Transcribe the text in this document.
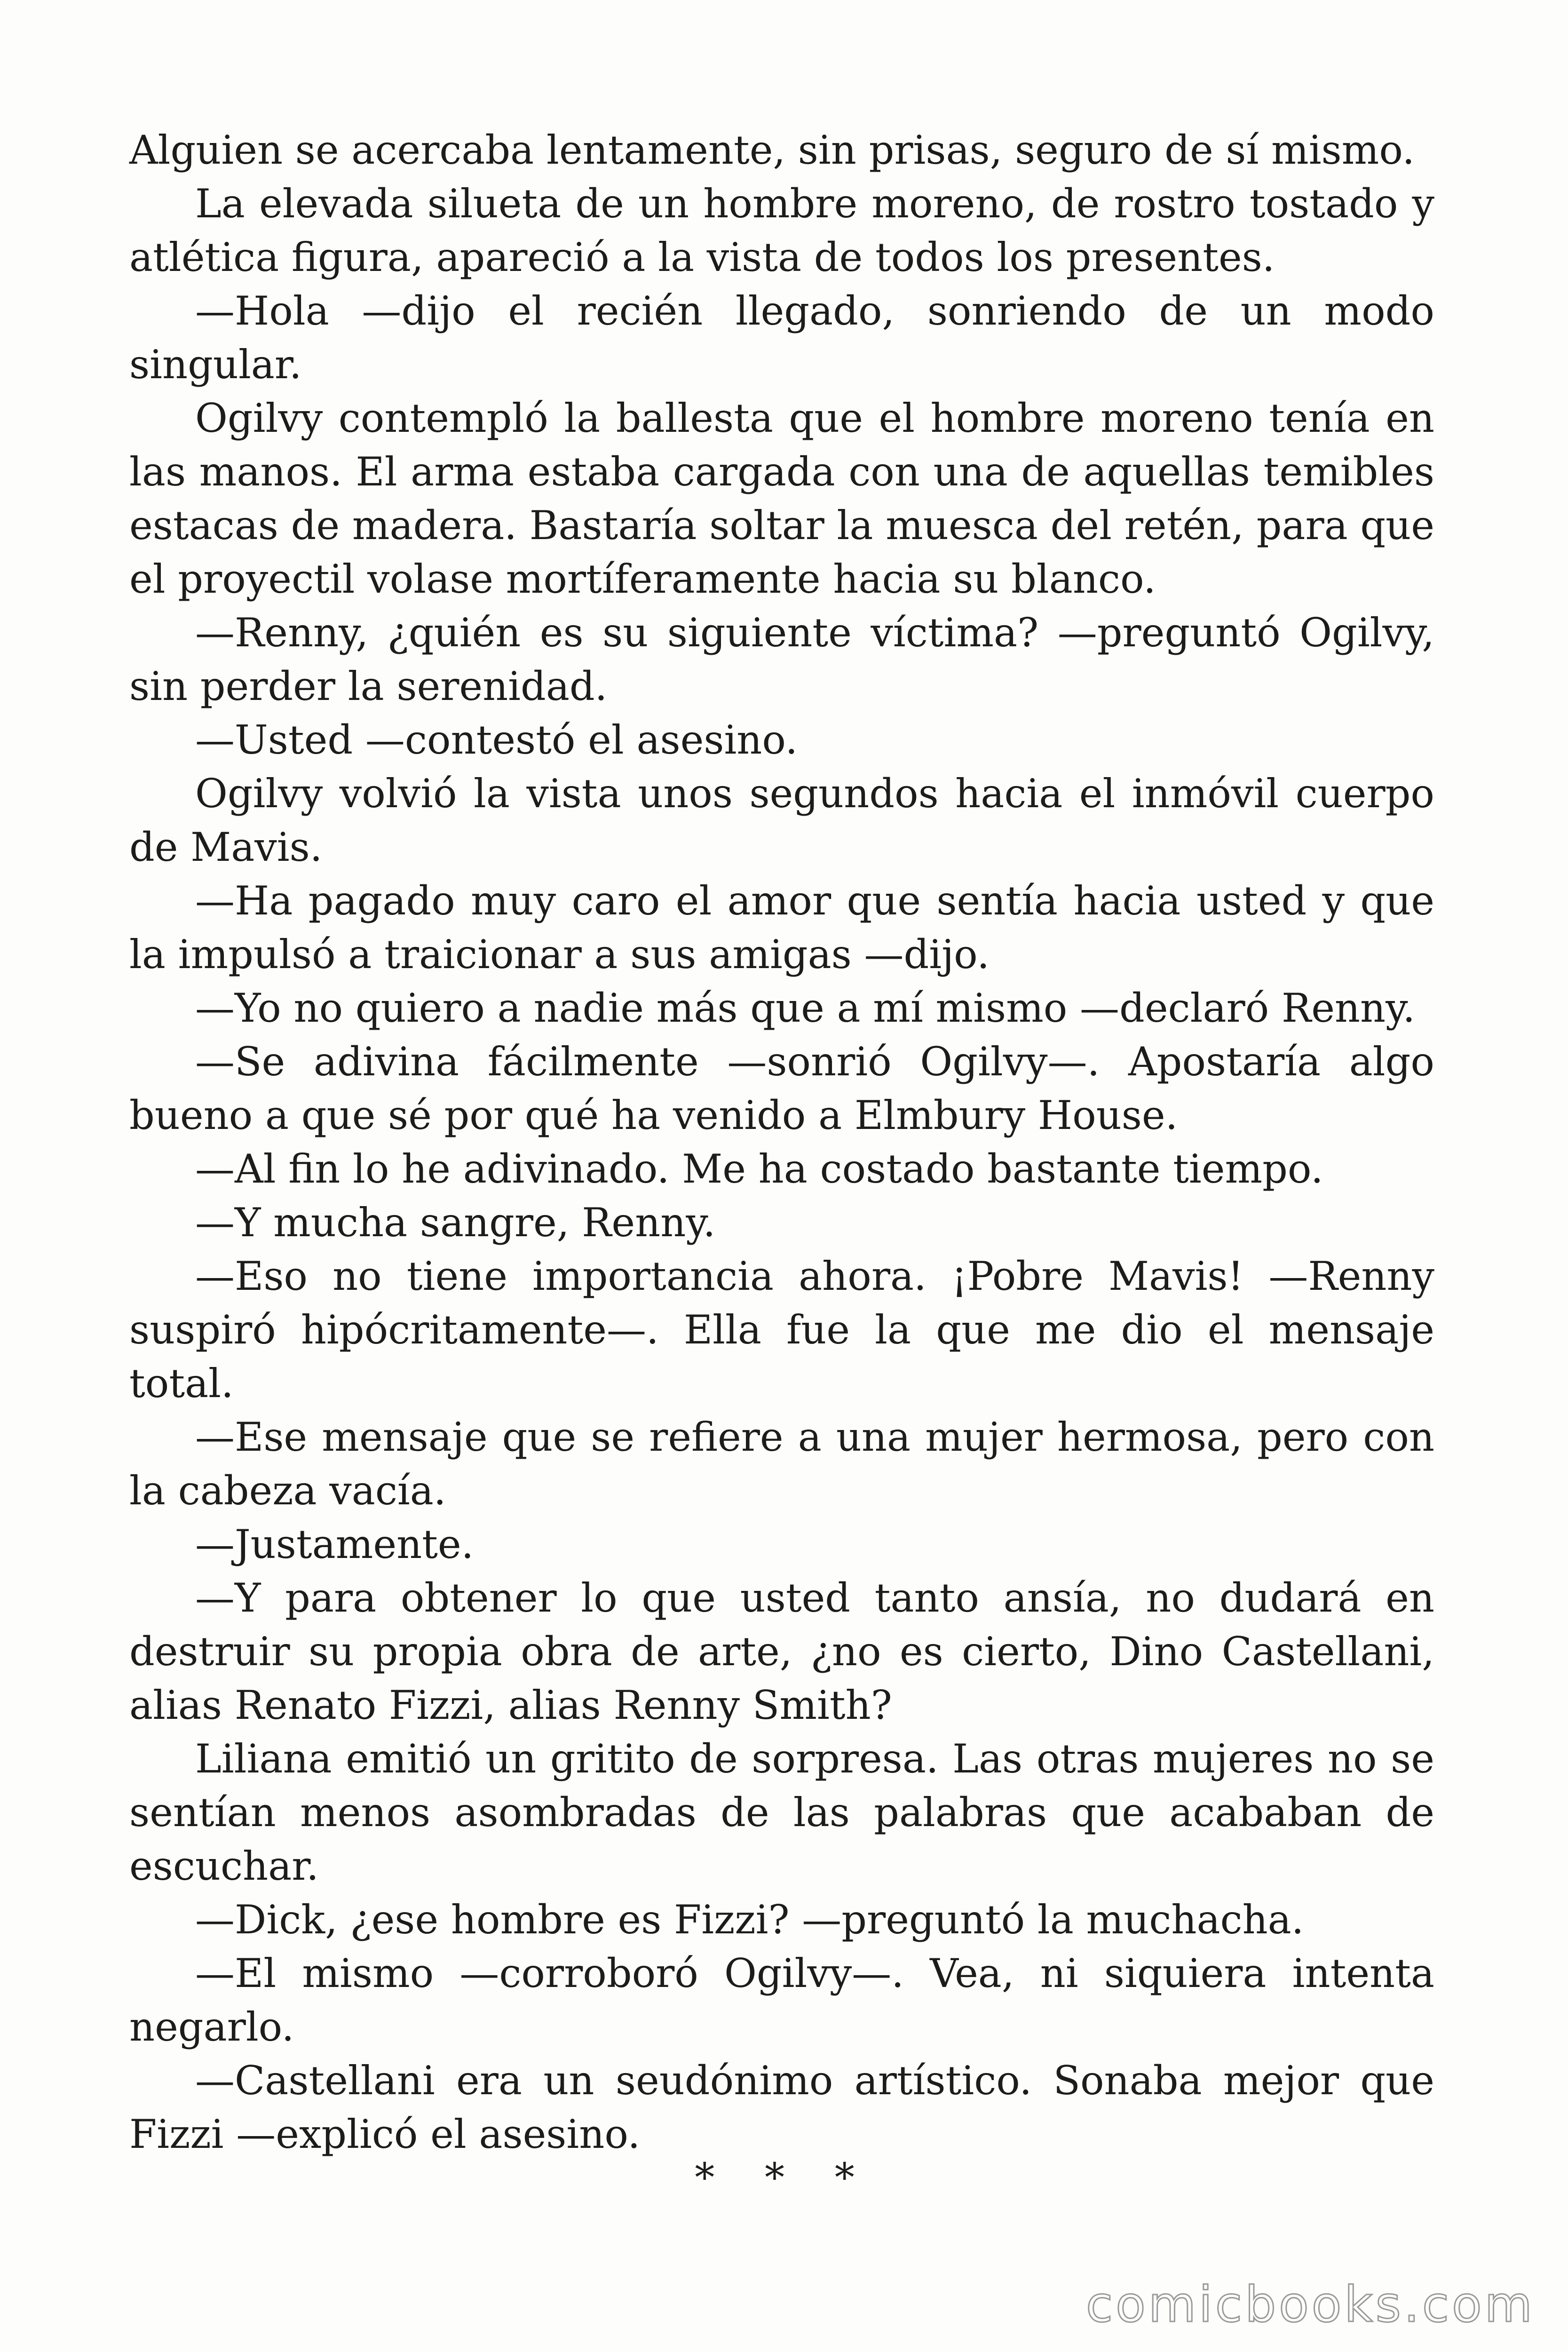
Alguien se acercaba lentamente, sin prisas, seguro de sí mismo.

La elevada silueta de un hombre moreno, de rostro tostado y atlética figura, apareció a la vista de todos los presentes.

—Hola —dijo el recién llegado, sonriendo de un modo singular.

Ogilvy contempló la ballesta que el hombre moreno tenía en las manos. El arma estaba cargada con una de aquellas temibles estacas de madera. Bastaría soltar la muesca del retén, para que el proyectil volase mortíferamente hacia su blanco.

—Renny, ¿quién es su siguiente víctima? —preguntó Ogilvy, sin perder la serenidad.

—Usted —contestó el asesino.

Ogilvy volvió la vista unos segundos hacia el inmóvil cuerpo de Mavis.

—Ha pagado muy caro el amor que sentía hacia usted y que la impulsó a traicionar a sus amigas —dijo.

—Yo no quiero a nadie más que a mí mismo —declaró Renny.

—Se adivina fácilmente —sonrió Ogilvy—. Apostaría algo bueno a que sé por qué ha venido a Elmbury House.

—Al fin lo he adivinado. Me ha costado bastante tiempo.

—Y mucha sangre, Renny.

—Eso no tiene importancia ahora. ¡Pobre Mavis! —Renny suspiró hipócritamente—. Ella fue la que me dio el mensaje total.

—Ese mensaje que se refiere a una mujer hermosa, pero con la cabeza vacía.

—Justamente.

—Y para obtener lo que usted tanto ansía, no dudará en destruir su propia obra de arte, ¿no es cierto, Dino Castellani, alias Renato Fizzi, alias Renny Smith?

Liliana emitió un gritito de sorpresa. Las otras mujeres no se sentían menos asombradas de las palabras que acababan de escuchar.

—Dick, ¿ese hombre es Fizzi? —preguntó la muchacha.

—El mismo —corroboró Ogilvy—. Vea, ni siquiera intenta negarlo.

—Castellani era un seudónimo artístico. Sonaba mejor que Fizzi —explicó el asesino.

* * *
comicbooks.com
